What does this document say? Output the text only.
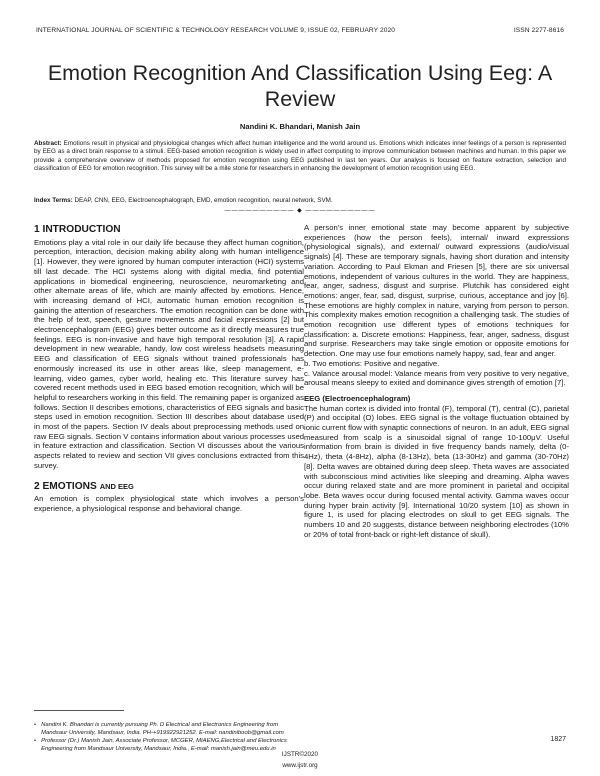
INTERNATIONAL JOURNAL OF SCIENTIFIC & TECHNOLOGY RESEARCH VOLUME 9, ISSUE 02, FEBRUARY 2020	ISSN 2277-8616
Emotion Recognition And Classification Using Eeg: A Review
Nandini K. Bhandari, Manish Jain
Abstract: Emotions result in physical and physiological changes which affect human intelligence and the world around us. Emotions which indicates inner feelings of a person is represented by EEG as a direct brain response to a stimuli. EEG-based emotion recognition is widely used in affect computing to improve communication between machines and human. In this paper we provide a comprehensive overview of methods proposed for emotion recognition using EEG published in last ten years. Our analysis is focused on feature extraction, selection and classification of EEG for emotion recognition. This survey will be a mile stone for researchers in enhancing the development of emotion recognition using EEG.
Index Terms: DEAP, CNN, EEG, Electroencephalograph, EMD, emotion recognition, neural network, SVM.
—————————— ◆ ——————————
1 INTRODUCTION

Emotions play a vital role in our daily life because they affect human cognition, perception, interaction, decision making ability along with human intelligence [1]. However, they were ignored by human computer interaction (HCI) systems till last decade. The HCI systems along with digital media, find potential applications in biomedical engineering, neuroscience, neuromarketing and other alternate areas of life, which are mainly affected by emotions. Hence, with increasing demand of HCI, automatic human emotion recognition is gaining the attention of researchers. The emotion recognition can be done with the help of text, speech, gesture movements and facial expressions [2] but electroencephalogram (EEG) gives better outcome as it directly measures true feelings. EEG is non-invasive and have high temporal resolution [3]. A rapid development in new wearable, handy, low cost wireless headsets measuring EEG and classification of EEG signals without trained professionals has enormously increased its use in other areas like, sleep management, e-learning, video games, cyber world, healing etc. This literature survey has covered recent methods used in EEG based emotion recognition, which will be helpful to researchers working in this field. The remaining paper is organized as follows. Section II describes emotions, characteristics of EEG signals and basic steps used in emotion recognition. Section III describes about database used in most of the papers. Section IV deals about preprocessing methods used on raw EEG signals. Section V contains information about various processes used in feature extraction and classification. Section VI discusses about the various aspects related to review and section VII gives conclusions extracted from this survey.

2 EMOTIONS AND EEG

An emotion is complex physiological state which involves a person's experience, a physiological response and behavioral change.

A person's inner emotional state may become apparent by subjective experiences (how the person feels), internal/ inward expressions (physiological signals), and external/ outward expressions (audio/visual signals) [4]. These are temporary signals, having short duration and intensity variation. According to Paul Ekman and Friesen [5], there are six universal emotions, independent of various cultures in the world. They are happiness, fear, anger, sadness, disgust and surprise. Plutchik has considered eight emotions: anger, fear, sad, disgust, surprise, curious, acceptance and joy [6]. These emotions are highly complex in nature, varying from person to person. This complexity makes emotion recognition a challenging task. The studies of emotion recognition use different types of emotions techniques for classification: a. Discrete emotions: Happiness, fear, anger, sadness, disgust and surprise. Researchers may take single emotion or opposite emotions for detection. One may use four emotions namely happy, sad, fear and anger.

b. Two emotions: Positive and negative.

c. Valance arousal model: Valance means from very positive to very negative, arousal means sleepy to exited and dominance gives strength of emotion [7].

EEG (Electroencephalogram)

The human cortex is divided into frontal (F), temporal (T), central (C), parietal (P) and occipital (O) lobes. EEG signal is the voltage fluctuation obtained by ionic current flow with synaptic connections of neuron. In an adult, EEG signal measured from scalp is a sinusoidal signal of range 10-100μV. Useful information from brain is divided in five frequency bands namely, delta (0-4Hz), theta (4-8Hz), alpha (8-13Hz), beta (13-30Hz) and gamma (30-70Hz) [8]. Delta waves are obtained during deep sleep. Theta waves are associated with subconscious mind activities like sleeping and dreaming. Alpha waves occur during relaxed state and are more prominent in parietal and occipital lobe. Beta waves occur during focused mental activity. Gamma waves occur during hyper brain activity [9]. International 10/20 system [10] as shown in figure 1, is used for placing electrodes on skull to get EEG signals. The numbers 10 and 20 suggests, distance between neighboring electrodes (10% or 20% of total front-back or right-left distance of skull).

• Nandini K. Bhandari is currently pursuing Ph. D Electrical and Electronics Engineering from Mandsaur University, Mandsaur, India. PH-+919922921252. E-mail: nandiniboob@gmail.com
• Professor (Dr.) Manish Jain, Associate Professor, MCGER, MIAENG,Electrical and Electronics Engineering from Mandsaur University, Mandsaur, India., E-mail: manish.jain@meu.edu.in
1827
IJSTR©2020
www.ijstr.org
